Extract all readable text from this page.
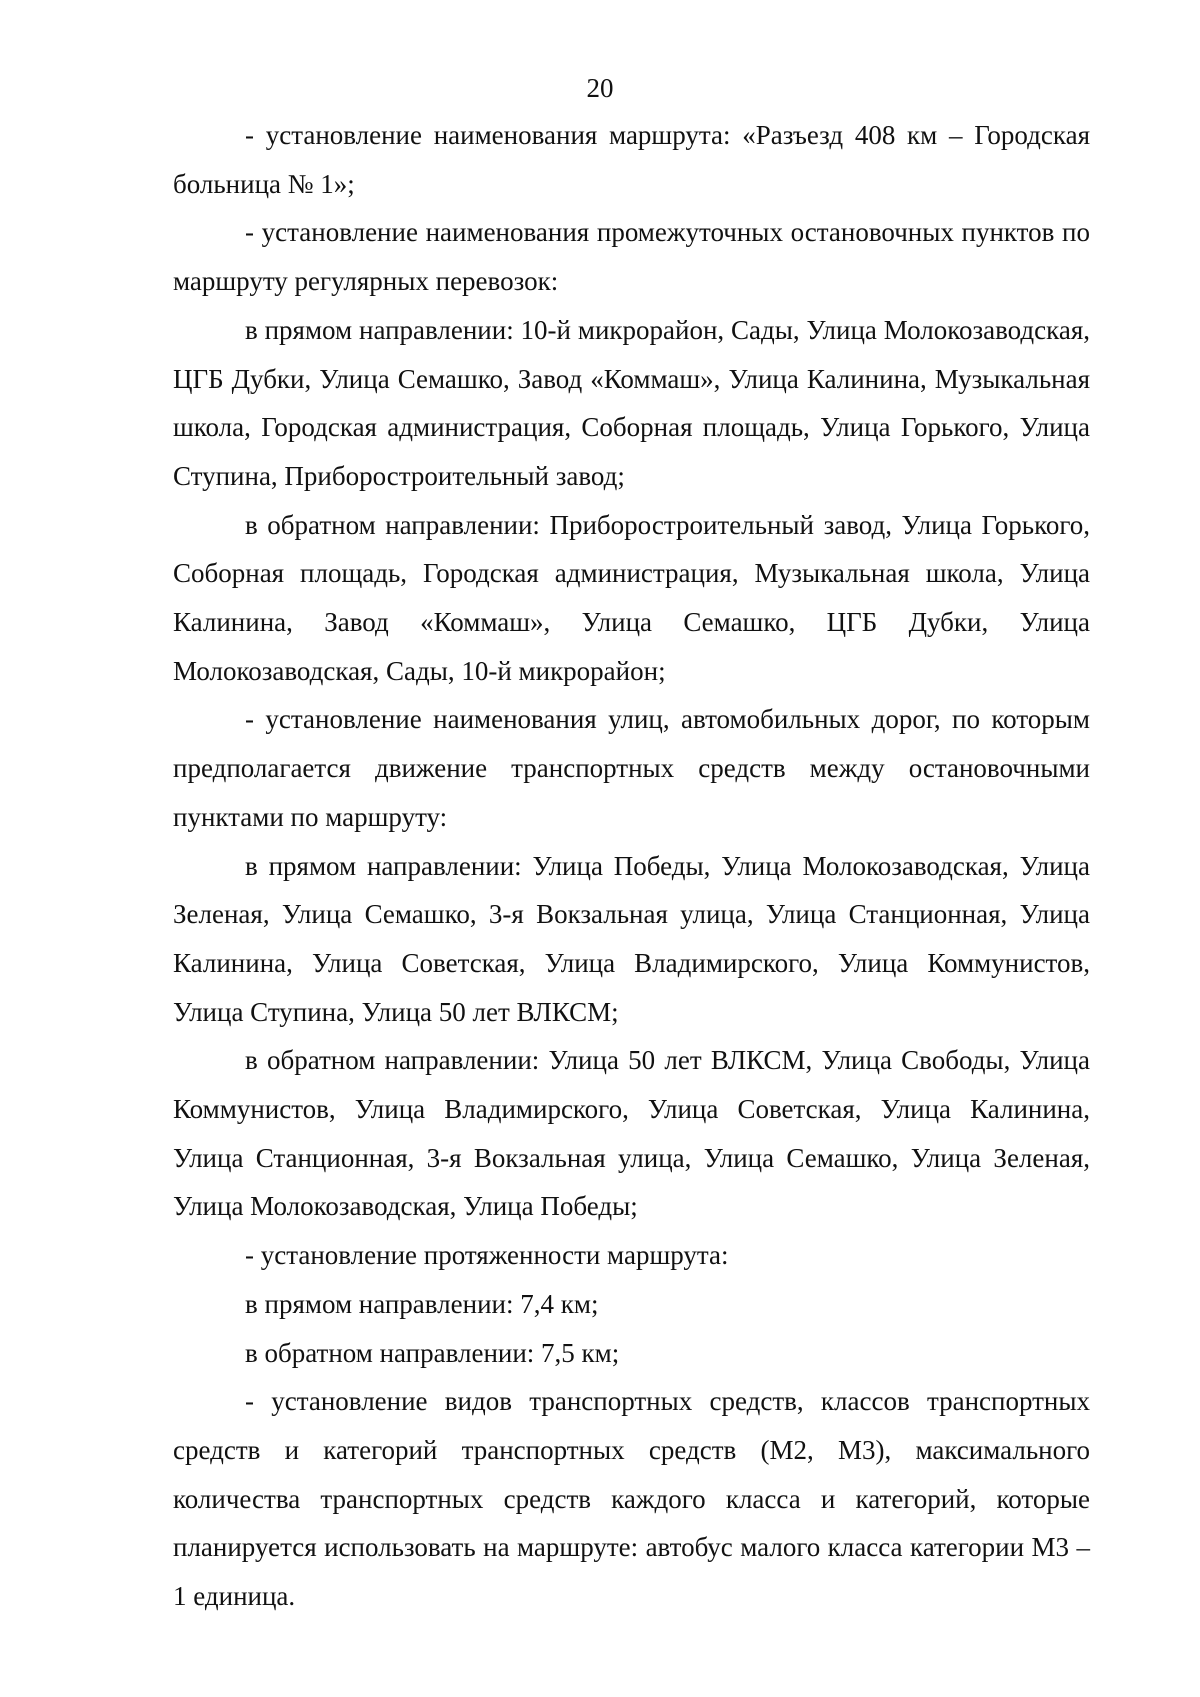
20

- установление наименования маршрута: «Разъезд 408 км – Городская больница № 1»;

- установление наименования промежуточных остановочных пунктов по маршруту регулярных перевозок:

в прямом направлении: 10-й микрорайон, Сады, Улица Молокозаводская, ЦГБ Дубки, Улица Семашко, Завод «Коммаш», Улица Калинина, Музыкальная школа, Городская администрация, Соборная площадь, Улица Горького, Улица Ступина, Приборостроительный завод;

в обратном направлении: Приборостроительный завод, Улица Горького, Соборная площадь, Городская администрация, Музыкальная школа, Улица Калинина, Завод «Коммаш», Улица Семашко, ЦГБ Дубки, Улица Молокозаводская, Сады, 10-й микрорайон;

- установление наименования улиц, автомобильных дорог, по которым предполагается движение транспортных средств между остановочными пунктами по маршруту:

в прямом направлении: Улица Победы, Улица Молокозаводская, Улица Зеленая, Улица Семашко, 3-я Вокзальная улица, Улица Станционная, Улица Калинина, Улица Советская, Улица Владимирского, Улица Коммунистов, Улица Ступина, Улица 50 лет ВЛКСМ;

в обратном направлении: Улица 50 лет ВЛКСМ, Улица Свободы, Улица Коммунистов, Улица Владимирского, Улица Советская, Улица Калинина, Улица Станционная, 3-я Вокзальная улица, Улица Семашко, Улица Зеленая, Улица Молокозаводская, Улица Победы;

- установление протяженности маршрута:

в прямом направлении: 7,4 км;

в обратном направлении: 7,5 км;

- установление видов транспортных средств, классов транспортных средств и категорий транспортных средств (М2, М3), максимального количества транспортных средств каждого класса и категорий, которые планируется использовать на маршруте: автобус малого класса категории М3 – 1 единица.
